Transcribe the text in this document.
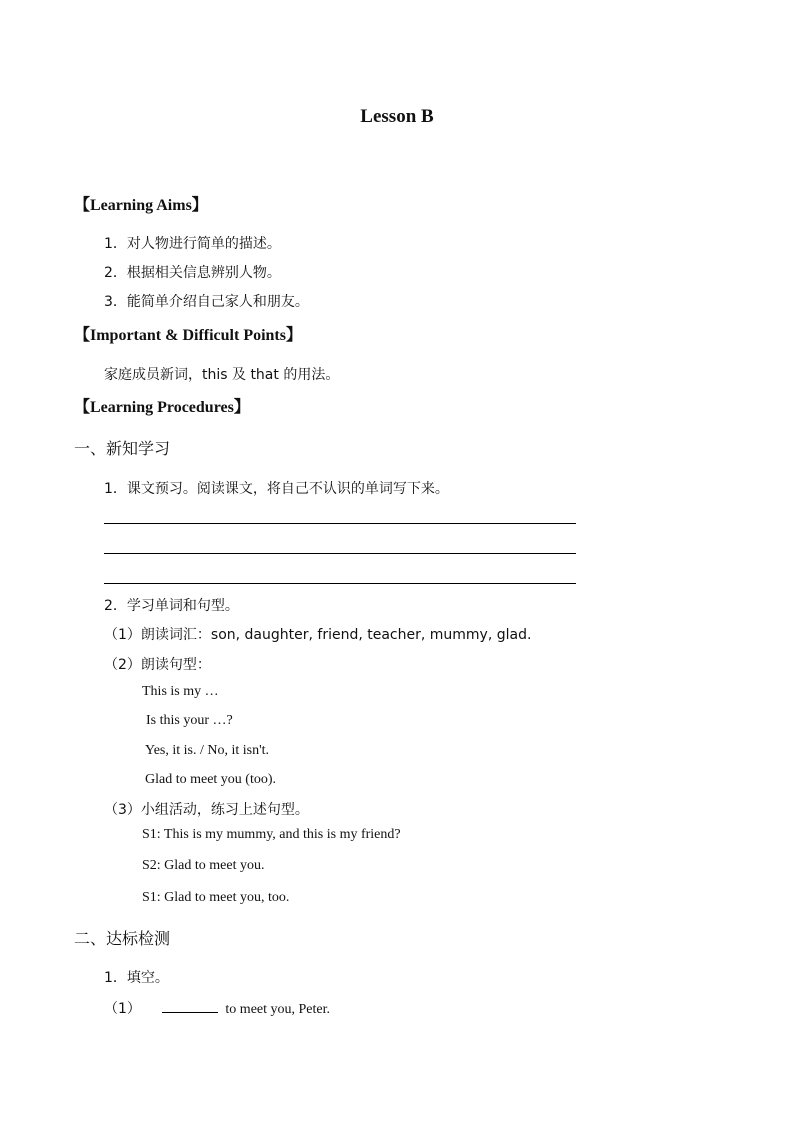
Lesson B
【Learning Aims】
1．对人物进行简单的描述。
2．根据相关信息辨别人物。
3．能简单介绍自己家人和朋友。
【Important & Difficult Points】
家庭成员新词，this 及 that 的用法。
【Learning Procedures】
一、新知学习
1．课文预习。阅读课文，将自己不认识的单词写下来。
2．学习单词和句型。
（1）朗读词汇：son, daughter, friend, teacher, mummy, glad.
（2）朗读句型：
This is my …
Is this your …?
Yes, it is. / No, it isn't.
Glad to meet you (too).
（3）小组活动，练习上述句型。
S1: This is my mummy, and this is my friend?
S2: Glad to meet you.
S1: Glad to meet you, too.
二、达标检测
1．填空。
（1）	to meet you, Peter.
